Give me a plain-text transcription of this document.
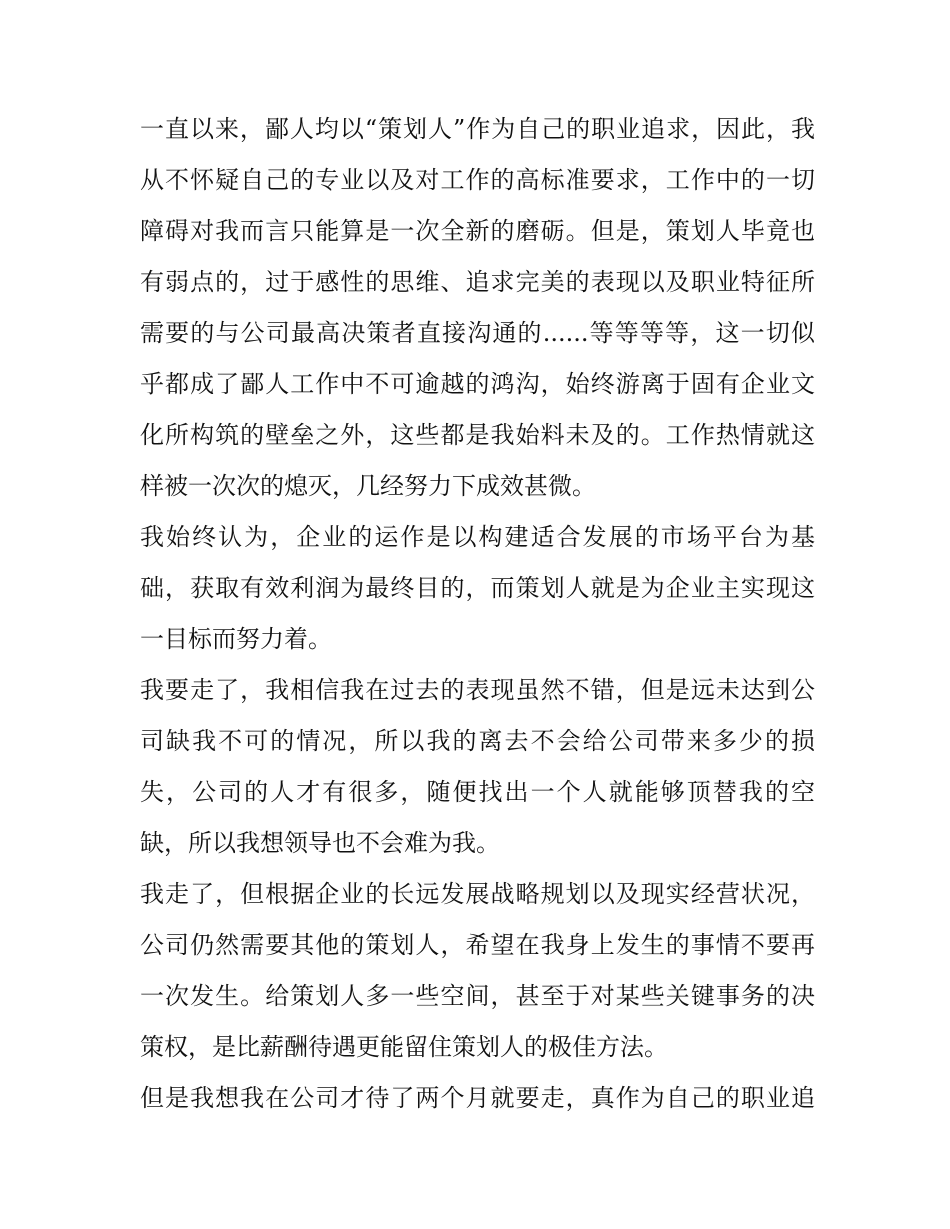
一直以来，鄙人均以“策划人”作为自己的职业追求，因此，我
从不怀疑自己的专业以及对工作的高标准要求，工作中的一切
障碍对我而言只能算是一次全新的磨砺。但是，策划人毕竟也
有弱点的，过于感性的思维、追求完美的表现以及职业特征所
需要的与公司最高决策者直接沟通的......等等等等，这一切似
乎都成了鄙人工作中不可逾越的鸿沟，始终游离于固有企业文
化所构筑的壁垒之外，这些都是我始料未及的。工作热情就这
样被一次次的熄灭，几经努力下成效甚微。
我始终认为，企业的运作是以构建适合发展的市场平台为基
础，获取有效利润为最终目的，而策划人就是为企业主实现这
一目标而努力着。
我要走了，我相信我在过去的表现虽然不错，但是远未达到公
司缺我不可的情况，所以我的离去不会给公司带来多少的损
失，公司的人才有很多，随便找出一个人就能够顶替我的空
缺，所以我想领导也不会难为我。
我走了，但根据企业的长远发展战略规划以及现实经营状况，
公司仍然需要其他的策划人，希望在我身上发生的事情不要再
一次发生。给策划人多一些空间，甚至于对某些关键事务的决
策权，是比薪酬待遇更能留住策划人的极佳方法。
但是我想我在公司才待了两个月就要走，真作为自己的职业追
